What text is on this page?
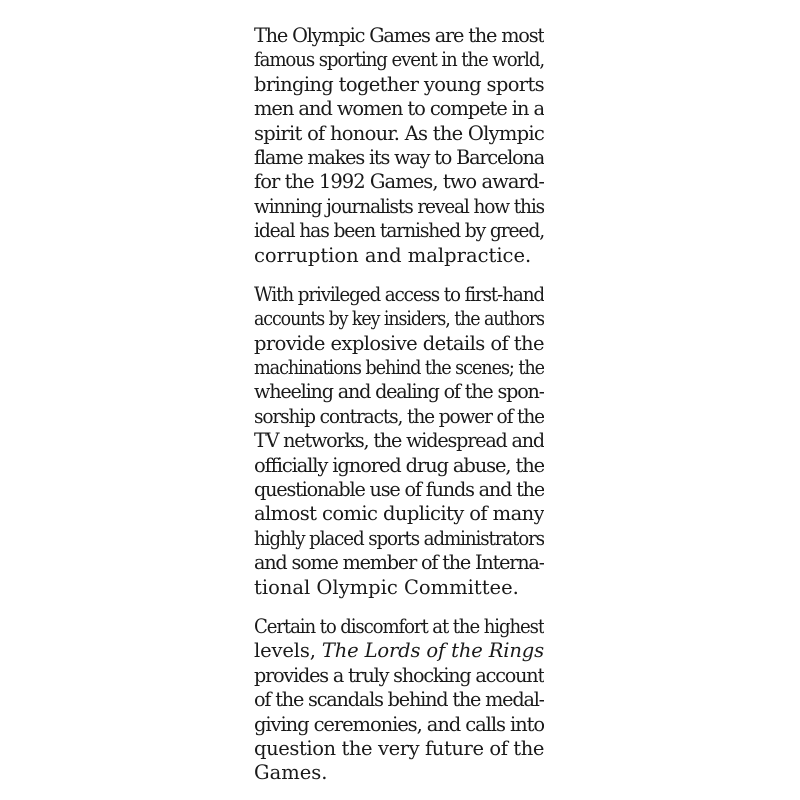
The Olympic Games are the most
famous sporting event in the world,
bringing together young sports
men and women to compete in a
spirit of honour. As the Olympic
flame makes its way to Barcelona
for the 1992 Games, two award-
winning journalists reveal how this
ideal has been tarnished by greed,
corruption and malpractice.
With privileged access to first-hand
accounts by key insiders, the authors
provide explosive details of the
machinations behind the scenes; the
wheeling and dealing of the spon-
sorship contracts, the power of the
TV networks, the widespread and
officially ignored drug abuse, the
questionable use of funds and the
almost comic duplicity of many
highly placed sports administrators
and some member of the Interna-
tional Olympic Committee.
Certain to discomfort at the highest
levels, The Lords of the Rings
provides a truly shocking account
of the scandals behind the medal-
giving ceremonies, and calls into
question the very future of the
Games.
